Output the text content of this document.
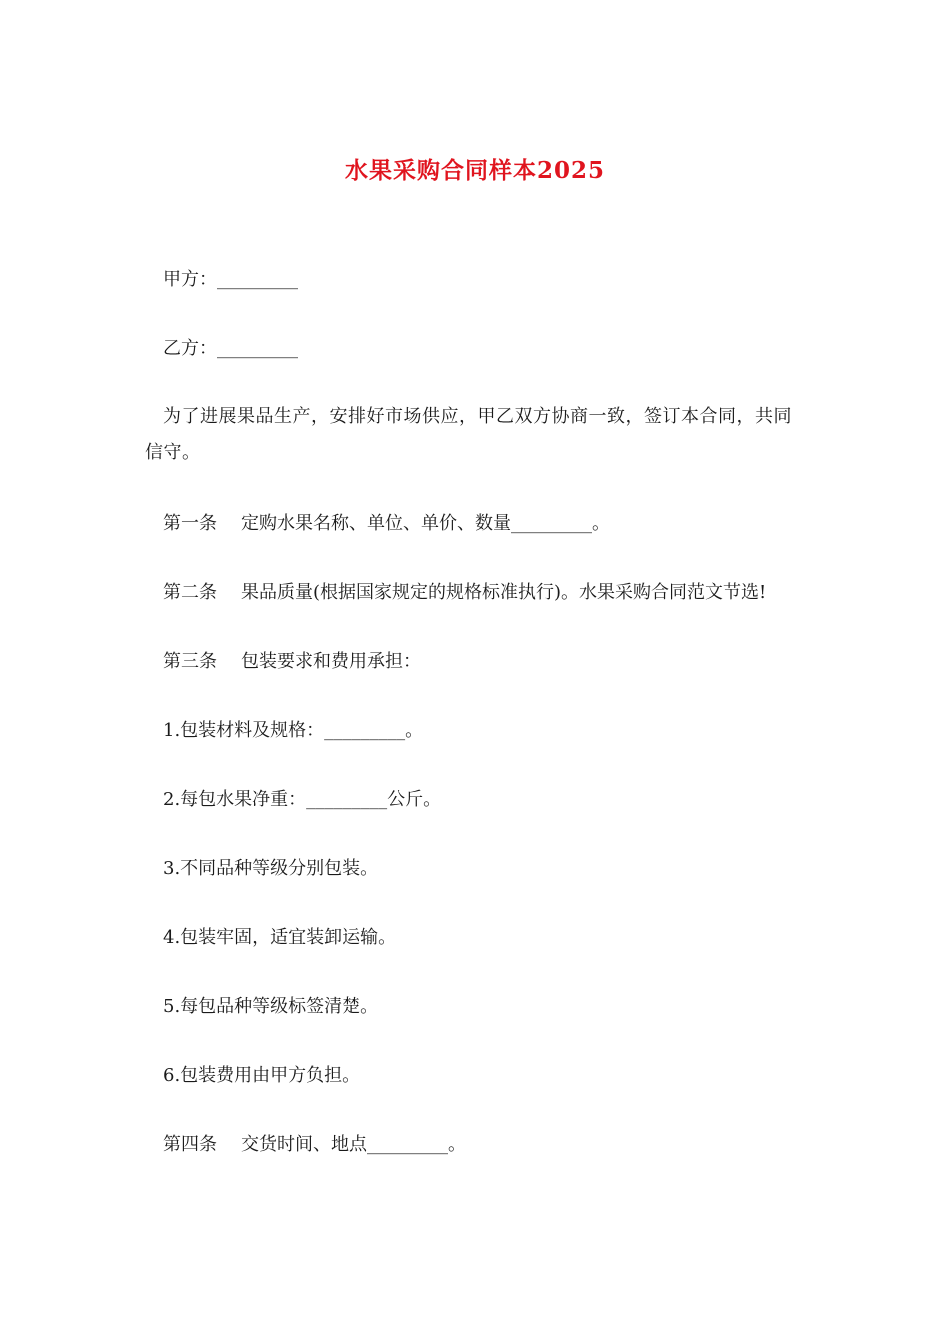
水果采购合同样本2025
甲方：_________
乙方：_________
为了进展果品生产，安排好市场供应，甲乙双方协商一致，签订本合同，共同信守。
第一条 定购水果名称、单位、单价、数量_________。
第二条 果品质量(根据国家规定的规格标准执行)。水果采购合同范文节选!
第三条 包装要求和费用承担：
1.包装材料及规格：_________。
2.每包水果净重：_________公斤。
3.不同品种等级分别包装。
4.包装牢固，适宜装卸运输。
5.每包品种等级标签清楚。
6.包装费用由甲方负担。
第四条 交货时间、地点_________。
